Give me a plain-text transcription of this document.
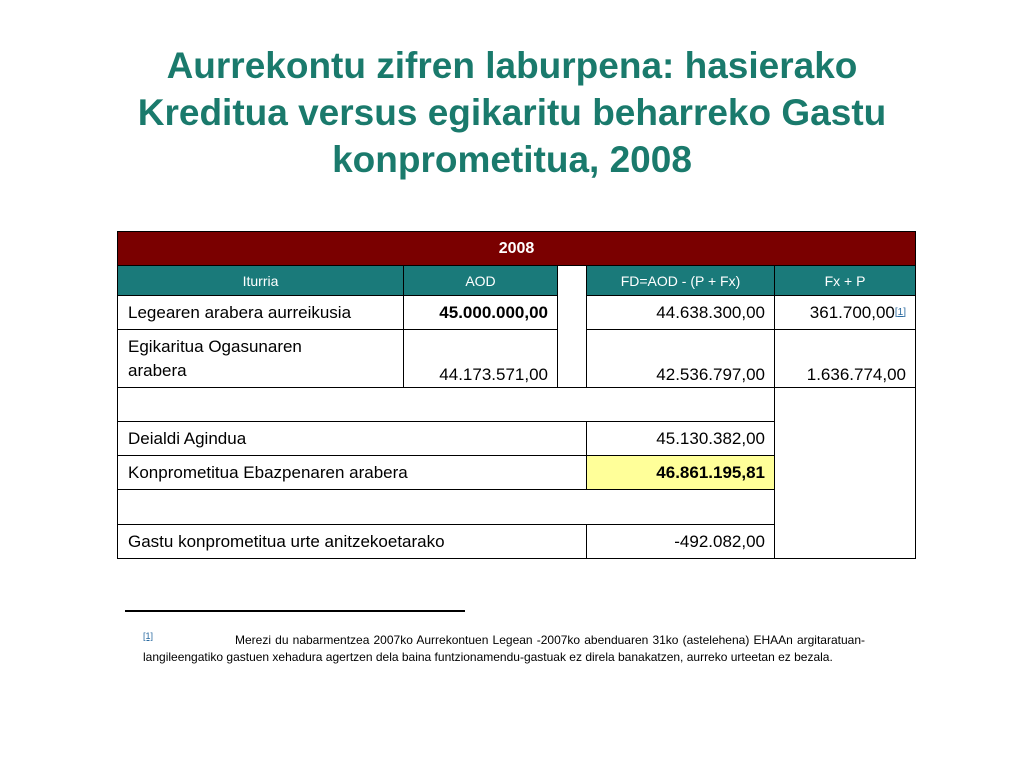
Aurrekontu zifren laburpena: hasierako
Kreditua versus egikaritu beharreko Gastu
konprometitua, 2008
2008
Iturria	AOD	FD=AOD - (P + Fx)	Fx + P
Legearen arabera aurreikusia	45.000.000,00	44.638.300,00	361.700,00 [1]
Egikaritua Ogasunaren
arabera	44.173.571,00	42.536.797,00	1.636.774,00
Deialdi Agindua	45.130.382,00
Konprometitua Ebazpenaren arabera	46.861.195,81
Gastu konprometitua urte anitzekoetarako	-492.082,00
[1]	Merezi du nabarmentzea 2007ko Aurrekontuen Legean -2007ko abenduaren 31ko (astelehena) EHAAn argitaratuan- langileengatiko gastuen xehadura agertzen dela baina funtzionamendu-gastuak ez direla banakatzen, aurreko urteetan ez bezala.
